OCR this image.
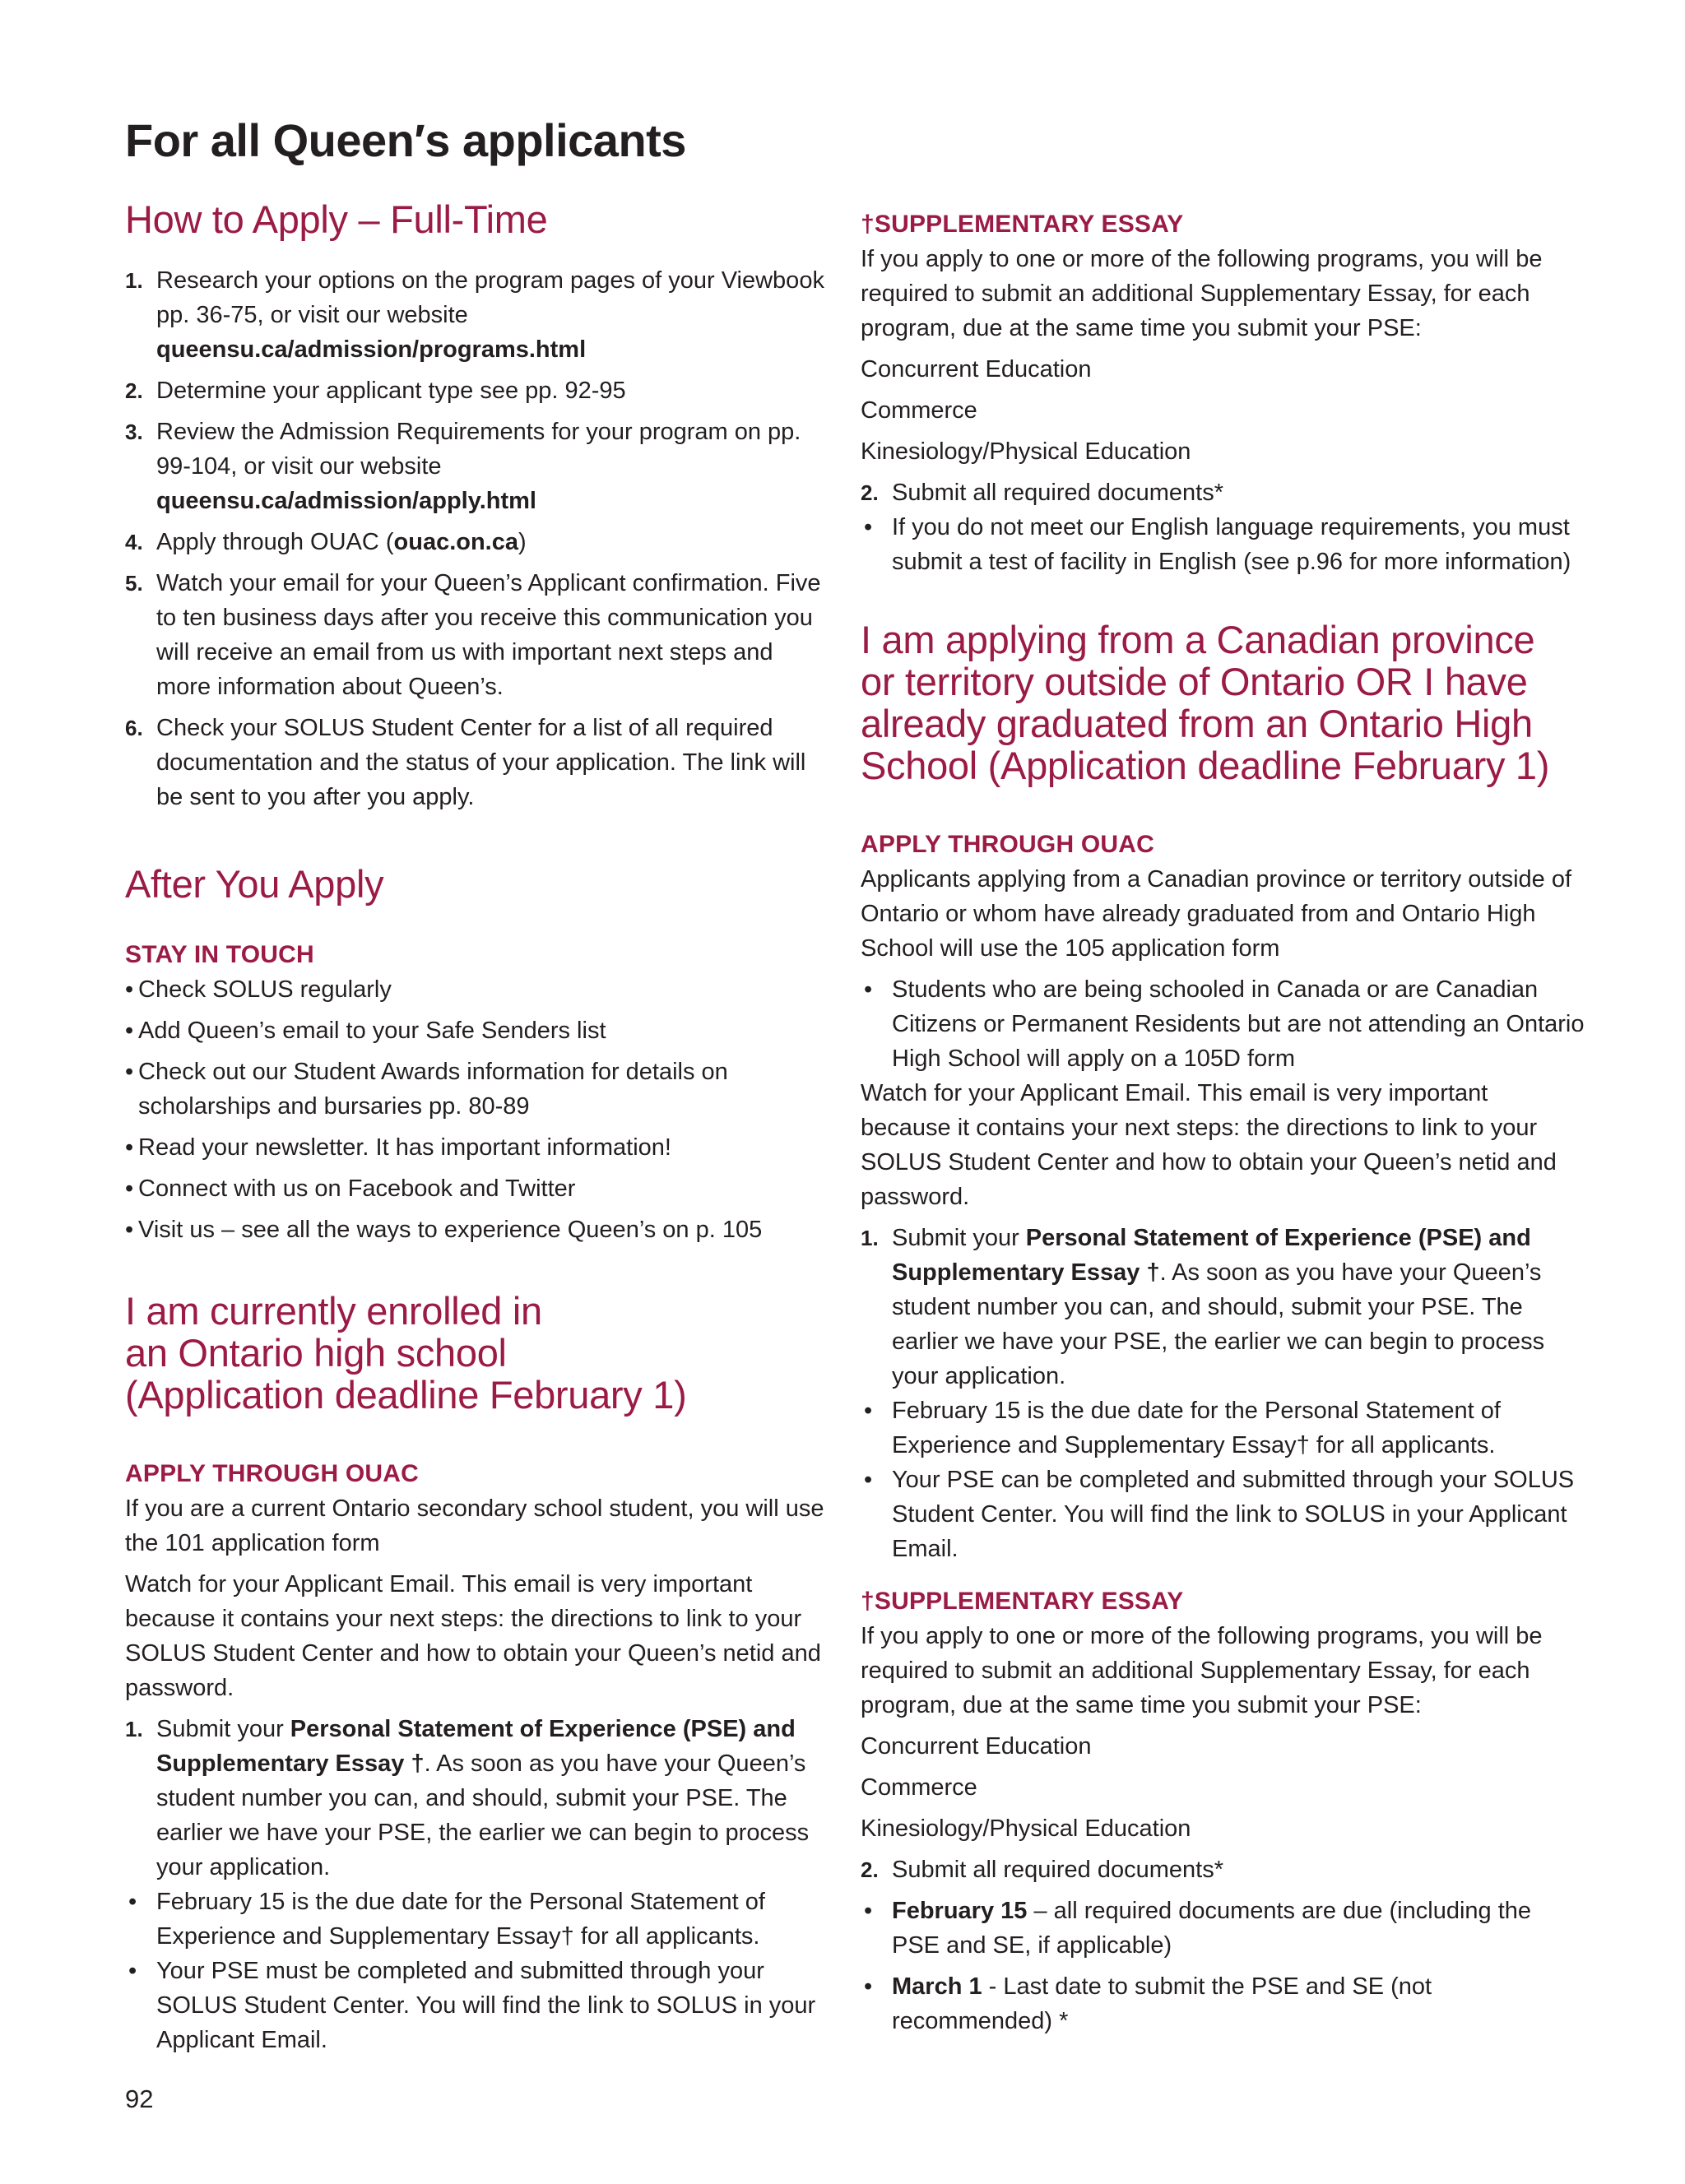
For all Queen′s applicants
How to Apply – Full-Time
1. Research your options on the program pages of your Viewbook pp. 36-75, or visit our website
queensu.ca/admission/programs.html
2. Determine your applicant type see pp. 92-95
3. Review the Admission Requirements for your program on pp. 99-104, or visit our website
queensu.ca/admission/apply.html
4. Apply through OUAC (ouac.on.ca)
5. Watch your email for your Queen’s Applicant confirmation. Five to ten business days after you receive this communication you will receive an email from us with important next steps and more information about Queen’s.
6. Check your SOLUS Student Center for a list of all required documentation and the status of your application. The link will be sent to you after you apply.
After You Apply
STAY IN TOUCH
• Check SOLUS regularly
• Add Queen’s email to your Safe Senders list
• Check out our Student Awards information for details on scholarships and bursaries pp. 80-89
• Read your newsletter. It has important information!
• Connect with us on Facebook and Twitter
• Visit us – see all the ways to experience Queen’s on p. 105
I am currently enrolled in
an Ontario high school
(Application deadline February 1)
APPLY THROUGH OUAC

If you are a current Ontario secondary school student, you will use the 101 application form

Watch for your Applicant Email. This email is very important because it contains your next steps: the directions to link to your SOLUS Student Center and how to obtain your Queen’s netid and password.

1. Submit your Personal Statement of Experience (PSE) and Supplementary Essay †. As soon as you have your Queen’s student number you can, and should, submit your PSE. The earlier we have your PSE, the earlier we can begin to process your application.
• February 15 is the due date for the Personal Statement of Experience and Supplementary Essay† for all applicants.
• Your PSE must be completed and submitted through your SOLUS Student Center. You will find the link to SOLUS in your Applicant Email.
†SUPPLEMENTARY ESSAY

If you apply to one or more of the following programs, you will be required to submit an additional Supplementary Essay, for each program, due at the same time you submit your PSE:

Concurrent Education

Commerce

Kinesiology/Physical Education

2. Submit all required documents*
• If you do not meet our English language requirements, you must submit a test of facility in English (see p.96 for more information)
I am applying from a Canadian province
or territory outside of Ontario OR I have
already graduated from an Ontario High
School (Application deadline February 1)
APPLY THROUGH OUAC

Applicants applying from a Canadian province or territory outside of Ontario or whom have already graduated from and Ontario High School will use the 105 application form

• Students who are being schooled in Canada or are Canadian Citizens or Permanent Residents but are not attending an Ontario High School will apply on a 105D form

Watch for your Applicant Email. This email is very important because it contains your next steps: the directions to link to your SOLUS Student Center and how to obtain your Queen’s netid and password.

1. Submit your Personal Statement of Experience (PSE) and Supplementary Essay †. As soon as you have your Queen’s student number you can, and should, submit your PSE. The earlier we have your PSE, the earlier we can begin to process your application.
• February 15 is the due date for the Personal Statement of Experience and Supplementary Essay† for all applicants.
• Your PSE can be completed and submitted through your SOLUS Student Center. You will find the link to SOLUS in your Applicant Email.
†SUPPLEMENTARY ESSAY

If you apply to one or more of the following programs, you will be required to submit an additional Supplementary Essay, for each program, due at the same time you submit your PSE:

Concurrent Education

Commerce

Kinesiology/Physical Education

2. Submit all required documents*
• February 15 – all required documents are due (including the PSE and SE, if applicable)
• March 1 - Last date to submit the PSE and SE (not recommended) *
92
